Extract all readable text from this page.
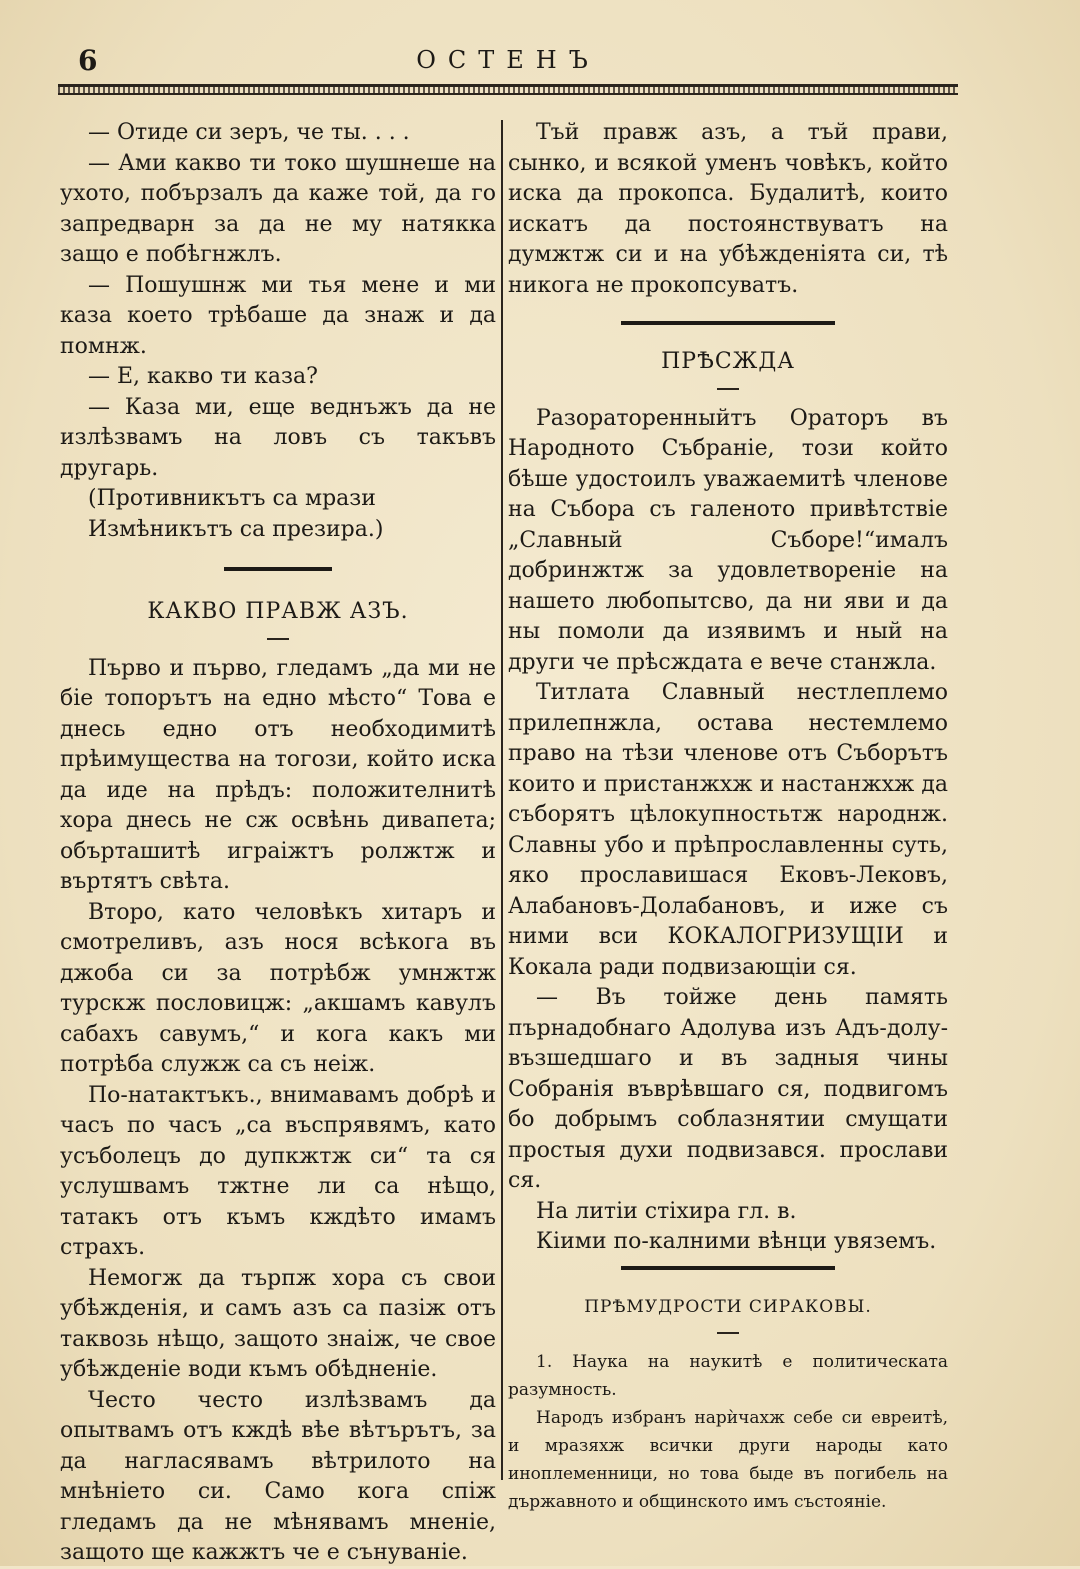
6	ОСТЕНЪ

— Отиде си зеръ, че ты. . . .

— Ами какво ти токо шушнеше на ухото, побързалъ да каже той, да го запредварн за да не му натякка защо е побѣгнжлъ.

— Пошушнж ми тья мене и ми каза което трѣбаше да знаж и да помнж.

— Е, какво ти каза?

— Каза ми, еще веднъжъ да не излѣзвамъ на ловъ съ такъвъ другарь.

(Противникътъ са мрази

Измѣникътъ са презира.)

КАКВО ПРАВЖ АЗЪ.

Първо и първо, гледамъ „да ми не біе топорътъ на едно мѣсто“ Това е днесь едно отъ необходимитѣ прѣимущества на тогози, който иска да иде на прѣдъ: положителнитѣ хора днесь не сж освѣнь дивапета; обърташитѣ играіжтъ ролжтж и въртятъ свѣта.

Второ, като человѣкъ хитаръ и смотреливъ, азъ нося всѣкога въ джоба си за потрѣбж умнжтж турскж пословицж: „акшамъ кавулъ сабахъ савумъ,“ и кога какъ ми потрѣба служж са съ неіж.

По-натактъкъ., внимавамъ добрѣ и часъ по часъ „са въспрявямъ, като усъболецъ до дупкжтж си“ та ся услушвамъ тжтне ли са нѣщо, татакъ отъ къмъ кждѣто имамъ страхъ.

Немогж да търпж хора съ свои убѣжденія, и самъ азъ са пазіж отъ таквозь нѣщо, защото знаіж, че свое убѣжденіе води къмъ обѣдненіе.

Често често излѣзвамъ да опытвамъ отъ кждѣ вѣе вѣтърътъ, за да нагласявамъ вѣтрилото на мнѣніето си. Само кога спіж гледамъ да не мѣнявамъ мненіе, защото ще кажжтъ че е сънуваніе.

Тъй правж азъ, а тъй прави, сынко, и всякой уменъ човѣкъ, който иска да прокопса. Будалитѣ, които искатъ да постоянствуватъ на думжтж си и на убѣжденіята си, тѣ никога не прокопсуватъ.

ПРѢСЖДА

Разораторенныйтъ Ораторъ въ Народното Събраніе, този който бѣше удостоилъ уважаемитѣ членове на Събора съ галеното привѣтствіе „Славный Съборе!“ималъ добринжтж за удовлетвореніе на нашето любопытсво, да ни яви и да ны помоли да изявимъ и ный на други че прѣсждата е вече станжла.

Титлата Славный нестлеплемо прилепнжла, остава нестемлемо право на тѣзи членове отъ Съборътъ които и пристанжхж и настанжхж да съборятъ цѣлокупностьтж народнж. Славны убо и прѣпрославленны суть, яко прославишася Ековъ-Лековъ, Алабановъ-Долабановъ, и иже съ ними вси КОКАЛОГРИЗУЩІИ и Кокала ради подвизающіи ся.

— Въ тойже день память пърнадобнаго Адолува изъ Адъ-долу-възшедшаго и въ задныя чины Собранія въврѣвшаго ся, подвигомъ бо добрымъ соблазнятии смущати простыя духи подвизався. прослави ся.

На литіи стіхира гл. в.

Кіими по-калними вѣнци увяземъ.

ПРѢМУДРОСТИ СИРАКОВЫ.

1. Наука на наукитѣ е политическата разумность.

Народъ избранъ нарѝчахж себе си евреитѣ, и мразяхж всички други народы като иноплеменници, но това быде въ погибель на държавното и общинското имъ състояніе.
